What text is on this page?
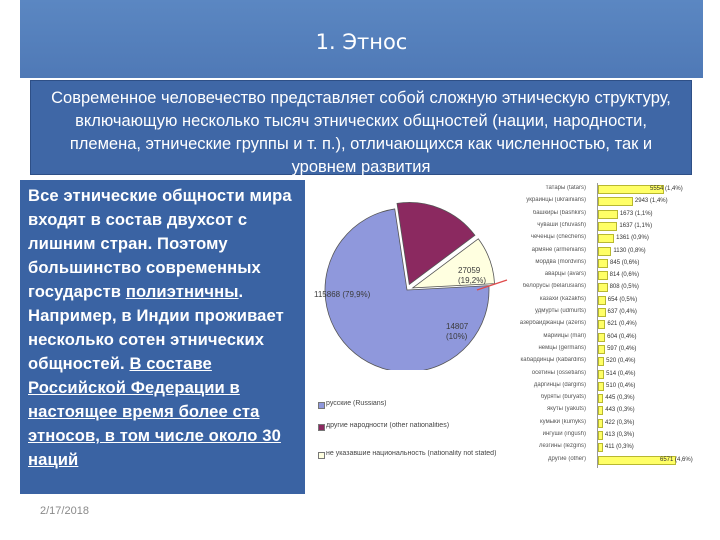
1. Этнос
Современное человечество представляет собой сложную этническую структуру, включающую несколько тысяч этнических общностей (нации, народности, племена, этнические группы и т. п.), отличающихся как численностью, так и уровнем развития
Все этнические общности мира входят в состав двухсот с лишним стран. Поэтому большинство современных государств полиэтничны. Например, в Индии проживает несколько сотен этнических общностей. В составе Российской Федерации в настоящее время более ста этносов, в том числе около 30 наций
115868 (79,9%)
27059 (19,2%)
14807 (10%)
русские (Russians)
другие народности (other nationalities)
не указавшие национальность (nationality not stated)
татары (tatars)	5554 (1,4%)
украинцы (ukrainians)	2943 (1,4%)
башкиры (bashkirs)	1673 (1,1%)
чуваши (chuvash)	1637 (1,1%)
чеченцы (chechens)	1361 (0,9%)
армяне (armenians)	1130 (0,8%)
мордва (mordvins)	845 (0,6%)
аварцы (avars)	814 (0,6%)
белорусы (belarusians)	808 (0,5%)
казахи (kazakhs)	654 (0,5%)
удмурты (udmurts)	637 (0,4%)
азербайджанцы (azeris)	621 (0,4%)
марийцы (mari)	604 (0,4%)
немцы (germans)	597 (0,4%)
кабардинцы (kabardins)	520 (0,4%)
осетины (ossetians)	514 (0,4%)
даргинцы (dargins)	510 (0,4%)
буряты (buryats)	445 (0,3%)
якуты (yakuts)	443 (0,3%)
кумыки (kumyks)	422 (0,3%)
ингуши (ingush)	413 (0,3%)
лезгины (lezgins)	411 (0,3%)
другие (other)	6571 (4,6%)
2/17/2018
